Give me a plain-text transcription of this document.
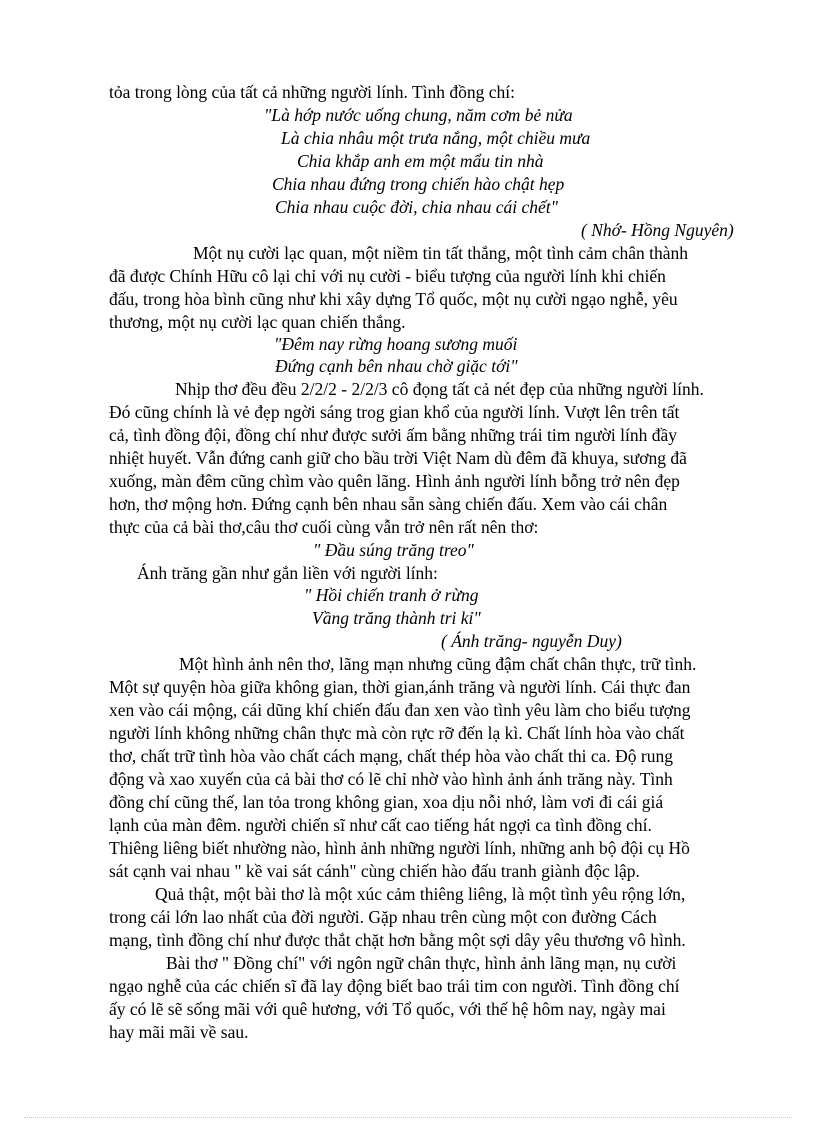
tỏa trong lòng của tất cả những người lính. Tình đồng chí:
"Là hớp nước uống chung, năm cơm bẻ nửa
Là chia nhâu một trưa nắng, một chiều mưa
Chia khắp anh em một mẩu tin nhà
Chia nhau đứng trong chiến hào chật hẹp
Chia nhau cuộc đời, chia nhau cái chết"
( Nhớ- Hồng Nguyên)
Một nụ cười lạc quan, một niềm tin tất thắng, một tình cảm chân thành
đã được Chính Hữu cô lại chỉ với nụ cười - biểu tượng của người lính khi chiến
đấu, trong hòa bình cũng như khi xây dựng Tổ quốc, một nụ cười ngạo nghễ, yêu
thương, một nụ cười lạc quan chiến thắng.
"Đêm nay rừng hoang sương muối
Đứng cạnh bên nhau chờ giặc tới"
Nhịp thơ đều đều 2/2/2 - 2/2/3 cô đọng tất cả nét đẹp của những người lính.
Đó cũng chính là vẻ đẹp ngời sáng trog gian khổ của người lính. Vượt lên trên tất
cả, tình đồng đội, đồng chí như được sưởi ấm bằng những trái tim người lính đầy
nhiệt huyết. Vẫn đứng canh giữ cho bầu trời Việt Nam dù đêm đã khuya, sương đã
xuống, màn đêm cũng chìm vào quên lãng. Hình ảnh người lính bỗng trở nên đẹp
hơn, thơ mộng hơn. Đứng cạnh bên nhau sẵn sàng chiến đấu. Xem vào cái chân
thực của cả bài thơ,câu thơ cuối cùng vẫn trở nên rất nên thơ:
" Đầu súng trăng treo"
Ánh trăng gần như gắn liền với người lính:
" Hồi chiến tranh ở rừng
Vầng trăng thành tri kỉ"
( Ánh trăng- nguyễn Duy)
Một hình ảnh nên thơ, lãng mạn nhưng cũng đậm chất chân thực, trữ tình.
Một sự quyện hòa giữa không gian, thời gian,ánh trăng và người lính. Cái thực đan
xen vào cái mộng, cái dũng khí chiến đấu đan xen vào tình yêu làm cho biểu tượng
người lính không những chân thực mà còn rực rỡ đến lạ kì. Chất lính hòa vào chất
thơ, chất trữ tình hòa vào chất cách mạng, chất thép hòa vào chất thi ca. Độ rung
động và xao xuyến của cả bài thơ có lẽ chỉ nhờ vào hình ảnh ánh trăng này. Tình
đồng chí cũng thế, lan tỏa trong không gian, xoa dịu nỗi nhớ, làm vơi đi cái giá
lạnh của màn đêm. người chiến sĩ như cất cao tiếng hát ngợi ca tình đồng chí.
Thiêng liêng biết nhường nào, hình ảnh những người lính, những anh bộ đội cụ Hồ
sát cạnh vai nhau " kề vai sát cánh" cùng chiến hào đấu tranh giành độc lập.
Quả thật, một bài thơ là một xúc cảm thiêng liêng, là một tình yêu rộng lớn,
trong cái lớn lao nhất của đời người. Gặp nhau trên cùng một con đường Cách
mạng, tình đồng chí như được thắt chặt hơn bằng một sợi dây yêu thương vô hình.
Bài thơ " Đồng chí" với ngôn ngữ chân thực, hình ảnh lãng mạn, nụ cười
ngạo nghễ của các chiến sĩ đã lay động biết bao trái tim con người. Tình đồng chí
ấy có lẽ sẽ sống mãi với quê hương, với Tổ quốc, với thế hệ hôm nay, ngày mai
hay mãi mãi về sau.
